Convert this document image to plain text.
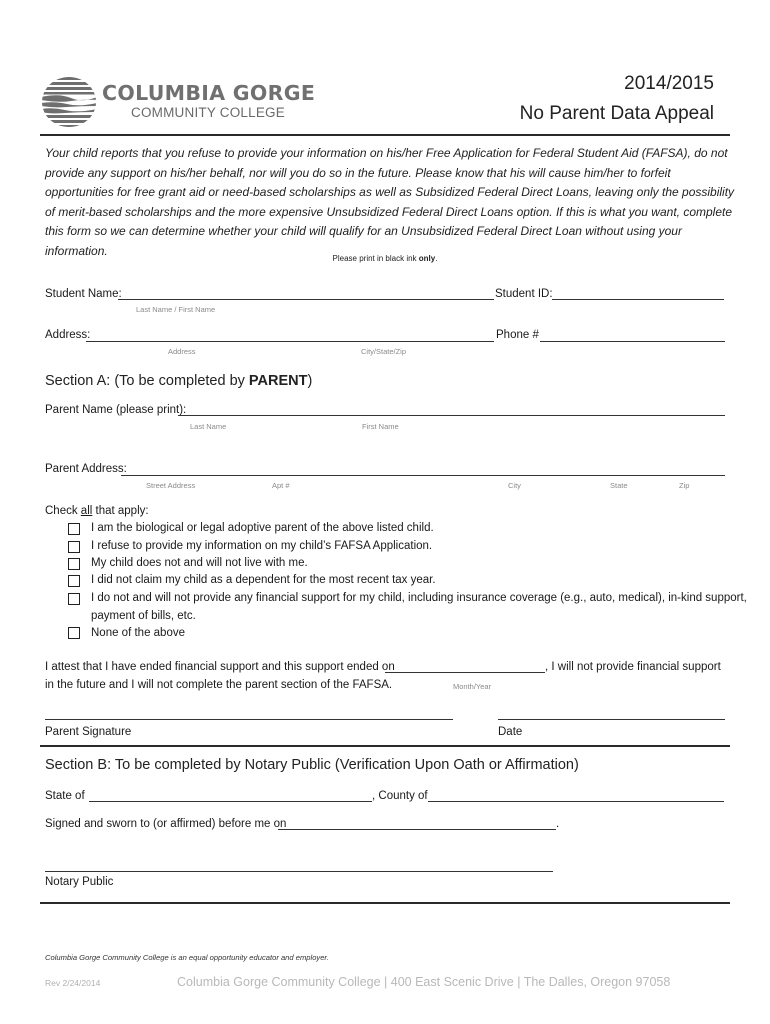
COLUMBIA GORGE
COMMUNITY COLLEGE
2014/2015
No Parent Data Appeal
Your child reports that you refuse to provide your information on his/her Free Application for Federal Student Aid (FAFSA), do not provide any support on his/her behalf, nor will you do so in the future. Please know that his will cause him/her to forfeit opportunities for free grant aid or need-based scholarships as well as Subsidized Federal Direct Loans, leaving only the possibility of merit-based scholarships and the more expensive Unsubsidized Federal Direct Loans option. If this is what you want, complete this form so we can determine whether your child will qualify for an Unsubsidized Federal Direct Loan without using your information.
Please print in black ink only.
Student Name:	Student ID:
Last Name / First Name
Address:	Phone #
Address	City/State/Zip
Section A: (To be completed by PARENT)
Parent Name (please print):
Last Name	First Name
Parent Address:
Street Address	Apt #	City	State	Zip
Check all that apply:
I am the biological or legal adoptive parent of the above listed child.
I refuse to provide my information on my child’s FAFSA Application.
My child does not and will not live with me.
I did not claim my child as a dependent for the most recent tax year.
I do not and will not provide any financial support for my child, including insurance coverage (e.g., auto, medical), in-kind support,
payment of bills, etc.
None of the above
I attest that I have ended financial support and this support ended on	, I will not provide financial support
in the future and I will not complete the parent section of the FAFSA.	Month/Year
Parent Signature	Date
Section B: To be completed by Notary Public (Verification Upon Oath or Affirmation)
State of	, County of
Signed and sworn to (or affirmed) before me on	.
Notary Public
Columbia Gorge Community College is an equal opportunity educator and employer.
Rev 2/24/2014	Columbia Gorge Community College | 400 East Scenic Drive | The Dalles, Oregon 97058
